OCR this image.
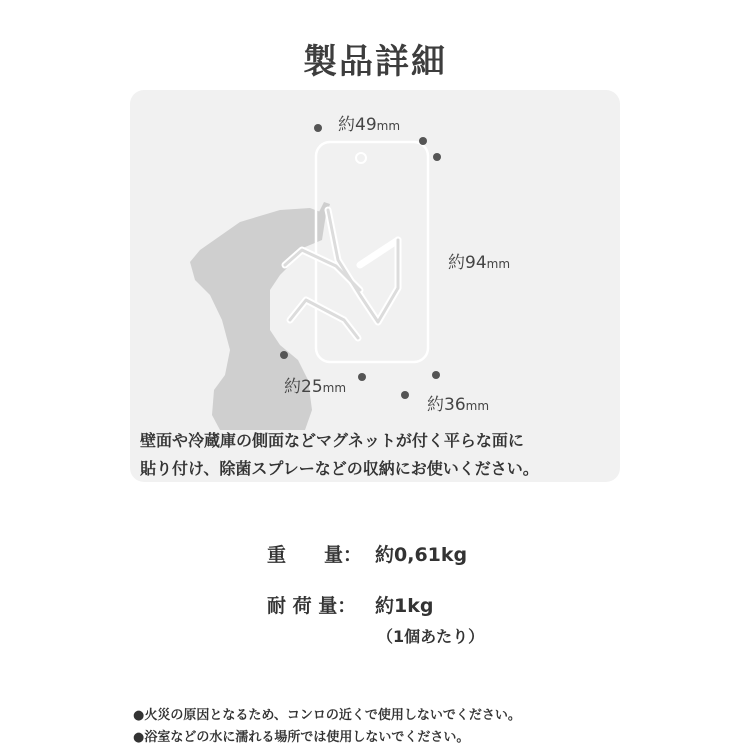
製品詳細
約49mm
約94mm
約25mm
約36mm
壁面や冷蔵庫の側面などマグネットが付く平らな面に
貼り付け、除菌スプレーなどの収納にお使いください。
重　　量： 約0,61kg
耐 荷 量： 約1kg
（1個あたり）
●火災の原因となるため、コンロの近くで使用しないでください。
●浴室などの水に濡れる場所では使用しないでください。
